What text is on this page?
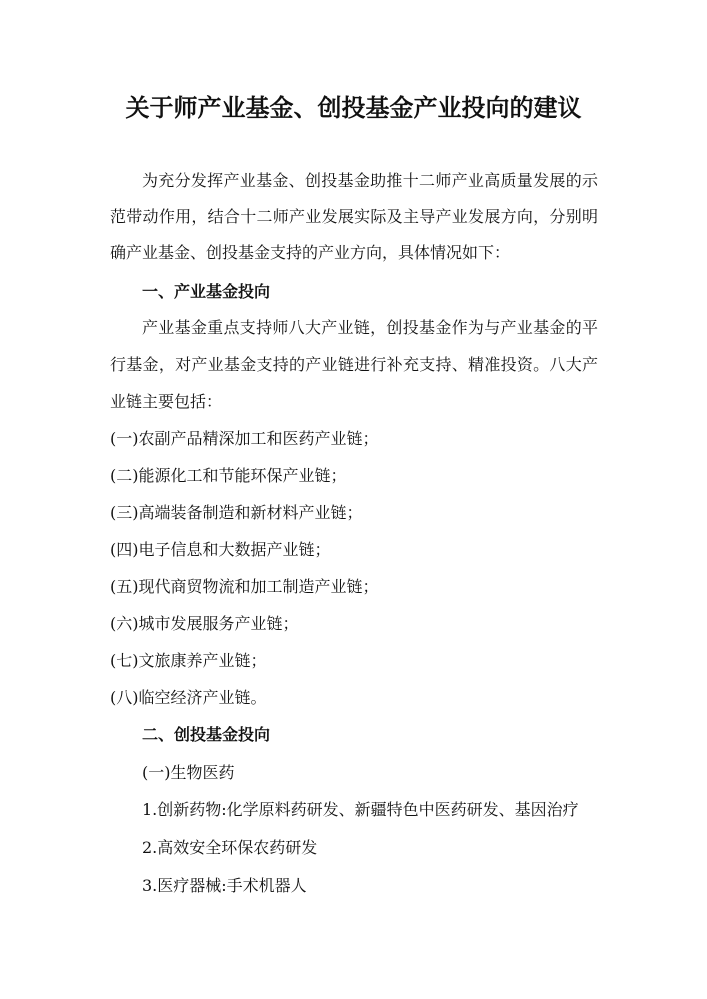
关于师产业基金、创投基金产业投向的建议
为充分发挥产业基金、创投基金助推十二师产业高质量发展的示
范带动作用，结合十二师产业发展实际及主导产业发展方向，分别明
确产业基金、创投基金支持的产业方向，具体情况如下：
一、产业基金投向
产业基金重点支持师八大产业链，创投基金作为与产业基金的平
行基金，对产业基金支持的产业链进行补充支持、精准投资。八大产
业链主要包括：
(一)农副产品精深加工和医药产业链；
(二)能源化工和节能环保产业链；
(三)高端装备制造和新材料产业链；
(四)电子信息和大数据产业链；
(五)现代商贸物流和加工制造产业链；
(六)城市发展服务产业链；
(七)文旅康养产业链；
(八)临空经济产业链。
二、创投基金投向
(一)生物医药
1.创新药物:化学原料药研发、新疆特色中医药研发、基因治疗
2.高效安全环保农药研发
3.医疗器械:手术机器人
